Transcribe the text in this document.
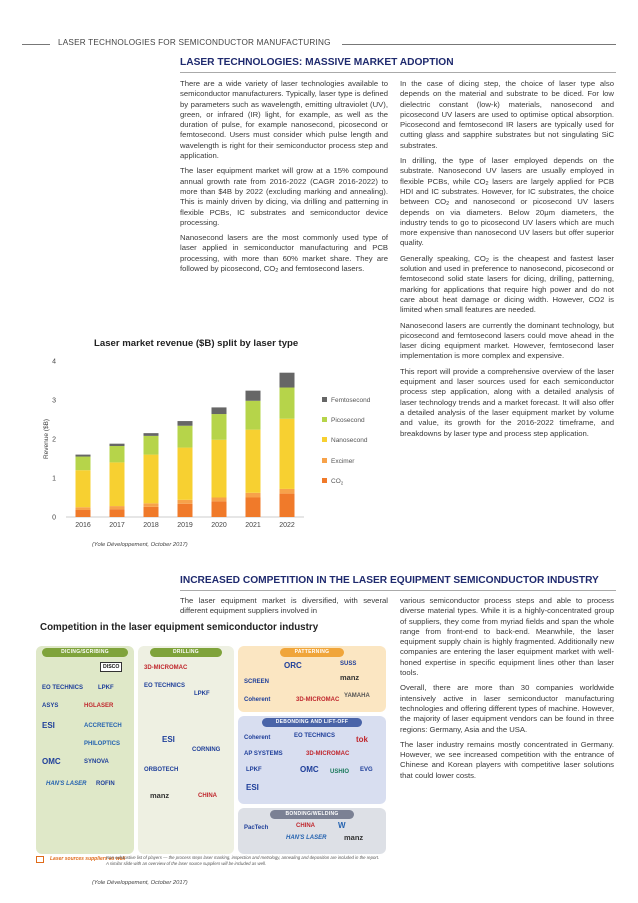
LASER TECHNOLOGIES FOR SEMICONDUCTOR MANUFACTURING
LASER TECHNOLOGIES: MASSIVE MARKET ADOPTION

There are a wide variety of laser technologies available to semiconductor manufacturers. Typically, laser type is defined by parameters such as wavelength, emitting ultraviolet (UV), green, or infrared (IR) light, for example, as well as the duration of pulse, for example nanosecond, picosecond or femtosecond. Users must consider which pulse length and wavelength is right for their semiconductor process step and application.

The laser equipment market will grow at a 15% compound annual growth rate from 2016-2022 (CAGR 2016-2022) to more than $4B by 2022 (excluding marking and annealing). This is mainly driven by dicing, via drilling and patterning in flexible PCBs, IC substrates and semiconductor device processing.

Nanosecond lasers are the most commonly used type of laser applied in semiconductor manufacturing and PCB processing, with more than 60% market share. They are followed by picosecond, $CO_2$ and femtosecond lasers.

In the case of dicing step, the choice of laser type also depends on the material and substrate to be diced. For low dielectric constant (low-k) materials, nanosecond and picosecond UV lasers are used to optimise optical absorption. Picosecond and femtosecond IR lasers are typically used for cutting glass and sapphire substrates but not singulating SiC substrates.

In drilling, the type of laser employed depends on the substrate. Nanosecond UV lasers are usually employed in flexible PCBs, while $CO_2$ lasers are largely applied for PCB HDI and IC substrates. However, for IC substrates, the choice between $CO_2$ and nanosecond or picosecond UV lasers depends on via diameters. Below 20μm diameters, the industry tends to go to picosecond UV lasers which are much more expensive than nanosecond UV lasers but offer superior quality.

Generally speaking, $CO_2$ is the cheapest and fastest laser solution and used in preference to nanosecond, picosecond or femtosecond solid state lasers for dicing, drilling, patterning, marking for applications that require high power and do not care about heat damage or dicing width. However, CO2 is limited when small features are needed.

Nanosecond lasers are currently the dominant technology, but picosecond and femtosecond lasers could move ahead in the laser dicing equipment market. However, femtosecond laser implementation is more complex and expensive.

This report will provide a comprehensive overview of the laser equipment and laser sources used for each semiconductor process step application, along with a detailed analysis of laser technology trends and a market forecast. It will also offer a detailed analysis of the laser equipment market by volume and value, its growth for the 2016-2022 timeframe, and breakdowns by laser type and process step application.

Laser market revenue ($B) split by laser type
0
1
2
3
4
Revenue ($B)
2016	2017	2018	2019	2020	2021	2022
Femtosecond
Picosecond
Nanosecond
Excimer
$CO_2$
(Yole Développement, October 2017)
INCREASED COMPETITION IN THE LASER EQUIPMENT SEMICONDUCTOR INDUSTRY

The laser equipment market is diversified, with several different equipment suppliers involved in

various semiconductor process steps and able to process diverse material types. While it is a highly-concentrated group of suppliers, they come from myriad fields and span the whole range from front-end to back-end. Meanwhile, the laser equipment supply chain is highly fragmented. Additionally new companies are entering the laser equipment market with well-honed expertise in specific equipment lines other than laser tools.

Overall, there are more than 30 companies worldwide intensively active in laser semiconductor manufacturing technologies and offering different types of machine. However, the majority of laser equipment vendors can be found in three regions: Germany, Asia and the USA.

The laser industry remains mostly concentrated in Germany. However, we see increased competition with the entrance of Chinese and Korean players with competitive laser solutions that could lower costs.

Competition in the laser equipment semiconductor industry
DICING/SCRIBING	DRILLING	PATTERNING
DEBONDING AND LIFT-OFF
BONDING/WELDING
DISCO
EO TECHNICS LPKF
ASYS	HGLASER
ESI	ACCRETECH
PHILOPTICS
OMC	SYNOVA
HAN'S LASER ROFIN
3D-MICROMAC
EO TECHNICS
LPKF
ESI
CORNING
ORBOTECH
manz	CHINA
ORC
SCREEN
3D-MICROMAC
Coherent
manz
SUSS
YAMAHA
EO TECHNICS
LPKF
Coherent
3D-MICROMAC
tok
AP SYSTEMS
OMC USHIO
ESI
EVG
PacTech
HAN'S LASER manz
CHINA	W
Laser sources suppliers as well
Non exhaustive list of players — the process steps laser marking, inspection and metrology, annealing and deposition are included in the report. A similar slide with an overview of the laser source suppliers will be included as well.
(Yole Développement, October 2017)
